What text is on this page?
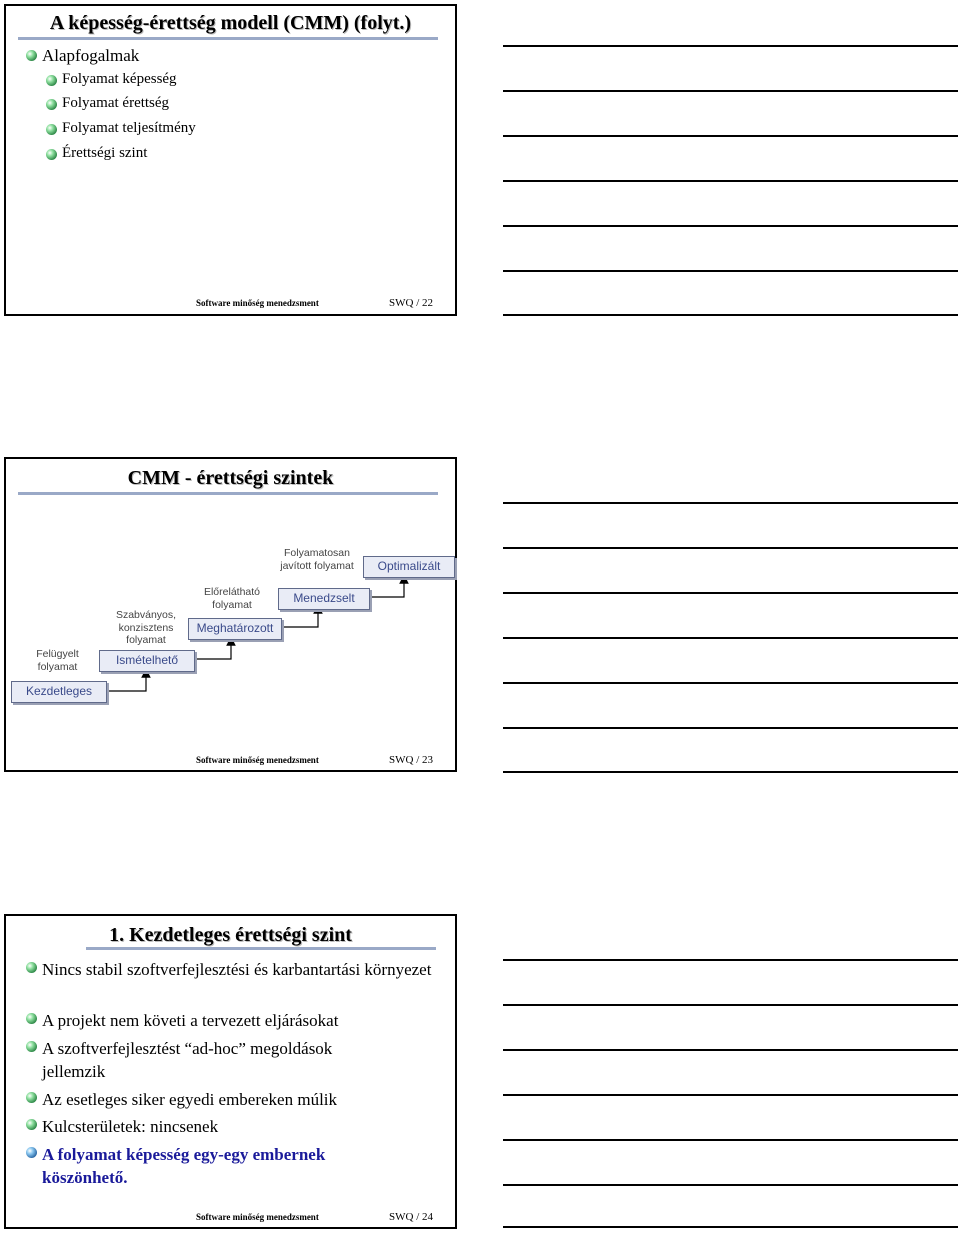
A képesség-érettség modell (CMM) (folyt.)
Alapfogalmak
Folyamat képesség
Folyamat érettség
Folyamat teljesítmény
Érettségi szint
Software minőség menedzsment	SWQ / 22
CMM - érettségi szintek
Kezdetleges
Ismételhető
Meghatározott
Menedzselt
Optimalizált
Felügyelt folyamat
Szabványos, konzisztens folyamat
Előrelátható folyamat
Folyamatosan javított folyamat
Software minőség menedzsment	SWQ / 23
1. Kezdetleges érettségi szint
Nincs stabil szoftverfejlesztési és karbantartási környezet
A projekt nem követi a tervezett eljárásokat
A szoftverfejlesztést “ad-hoc” megoldások jellemzik
Az esetleges siker egyedi embereken múlik
Kulcsterületek: nincsenek
A folyamat képesség egy-egy embernek köszönhető.
Software minőség menedzsment	SWQ / 24
